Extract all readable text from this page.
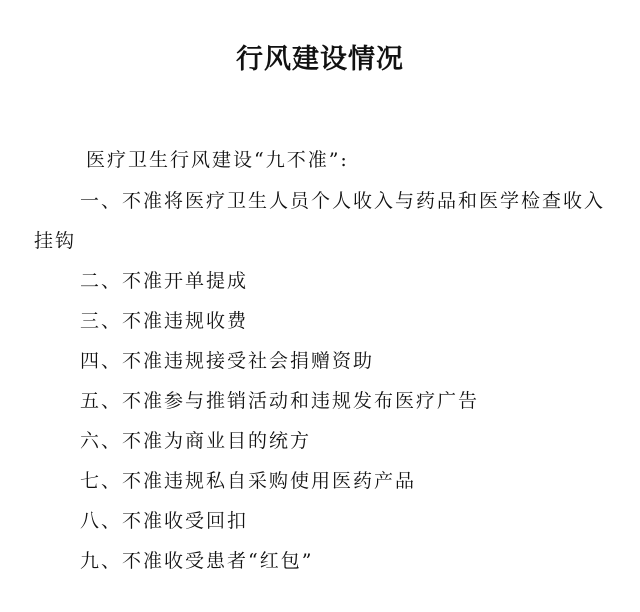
行风建设情况
医疗卫生行风建设“九不准”:
一、不准将医疗卫生人员个人收入与药品和医学检查收入挂钩
二、不准开单提成
三、不准违规收费
四、不准违规接受社会捐赠资助
五、不准参与推销活动和违规发布医疗广告
六、不准为商业目的统方
七、不准违规私自采购使用医药产品
八、不准收受回扣
九、不准收受患者“红包”
